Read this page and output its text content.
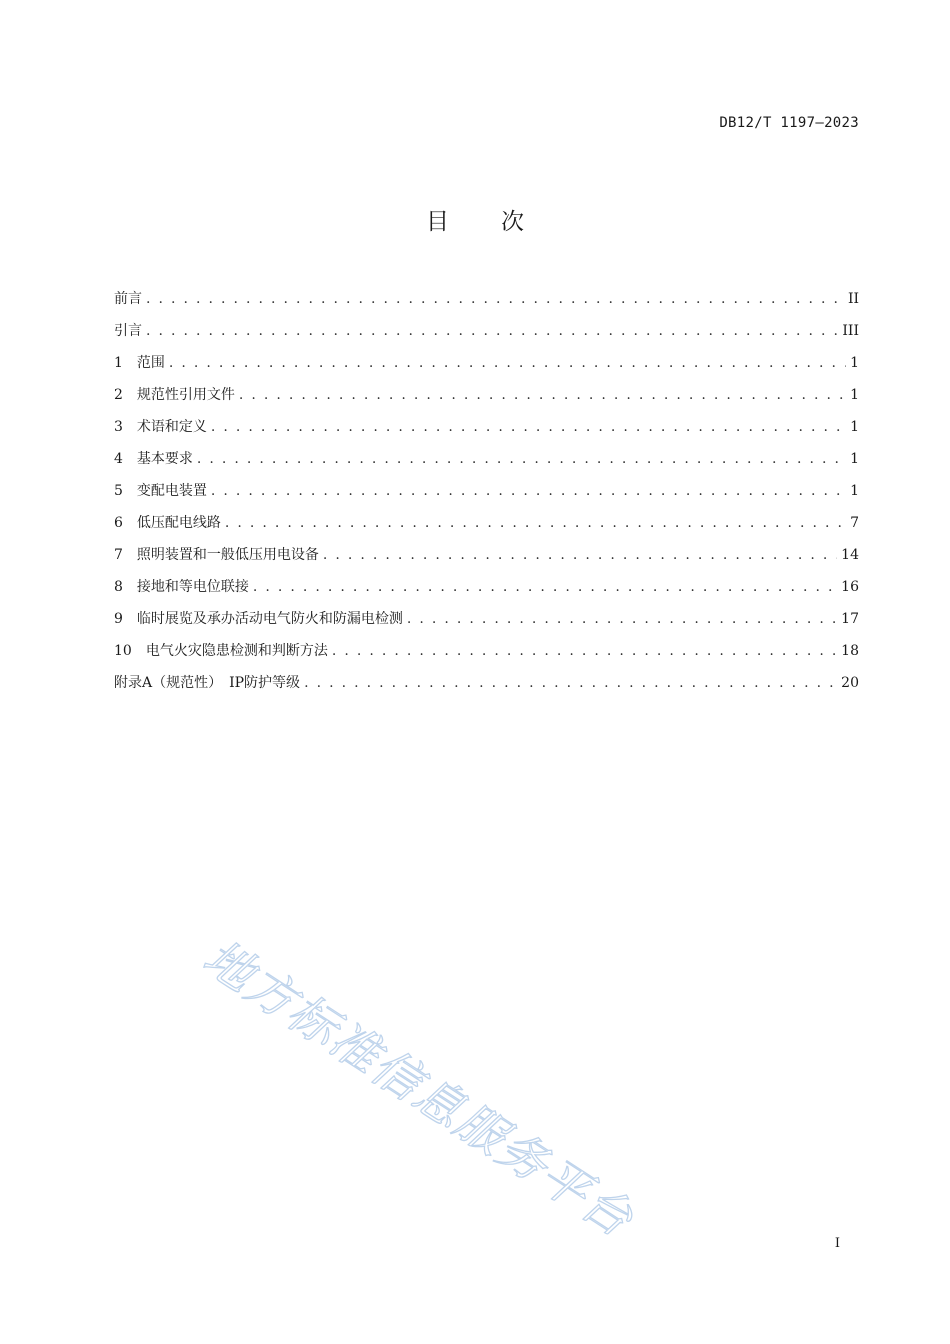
DB12/T 1197—2023
目次
前言 . . .	II
引言 . . .	III
1	范围 . . .	1
2	规范性引用文件 . . .	1
3	术语和定义 . . .	1
4	基本要求 . . .	1
5	变配电装置 . . .	1
6	低压配电线路 . . .	7
7	照明装置和一般低压用电设备 . . .	14
8	接地和等电位联接 . . .	16
9	临时展览及承办活动电气防火和防漏电检测 . . .	17
10	电气火灾隐患检测和判断方法 . . .	18
附录A（规范性）　IP防护等级 . . .	20
地方标准信息服务平台	I
